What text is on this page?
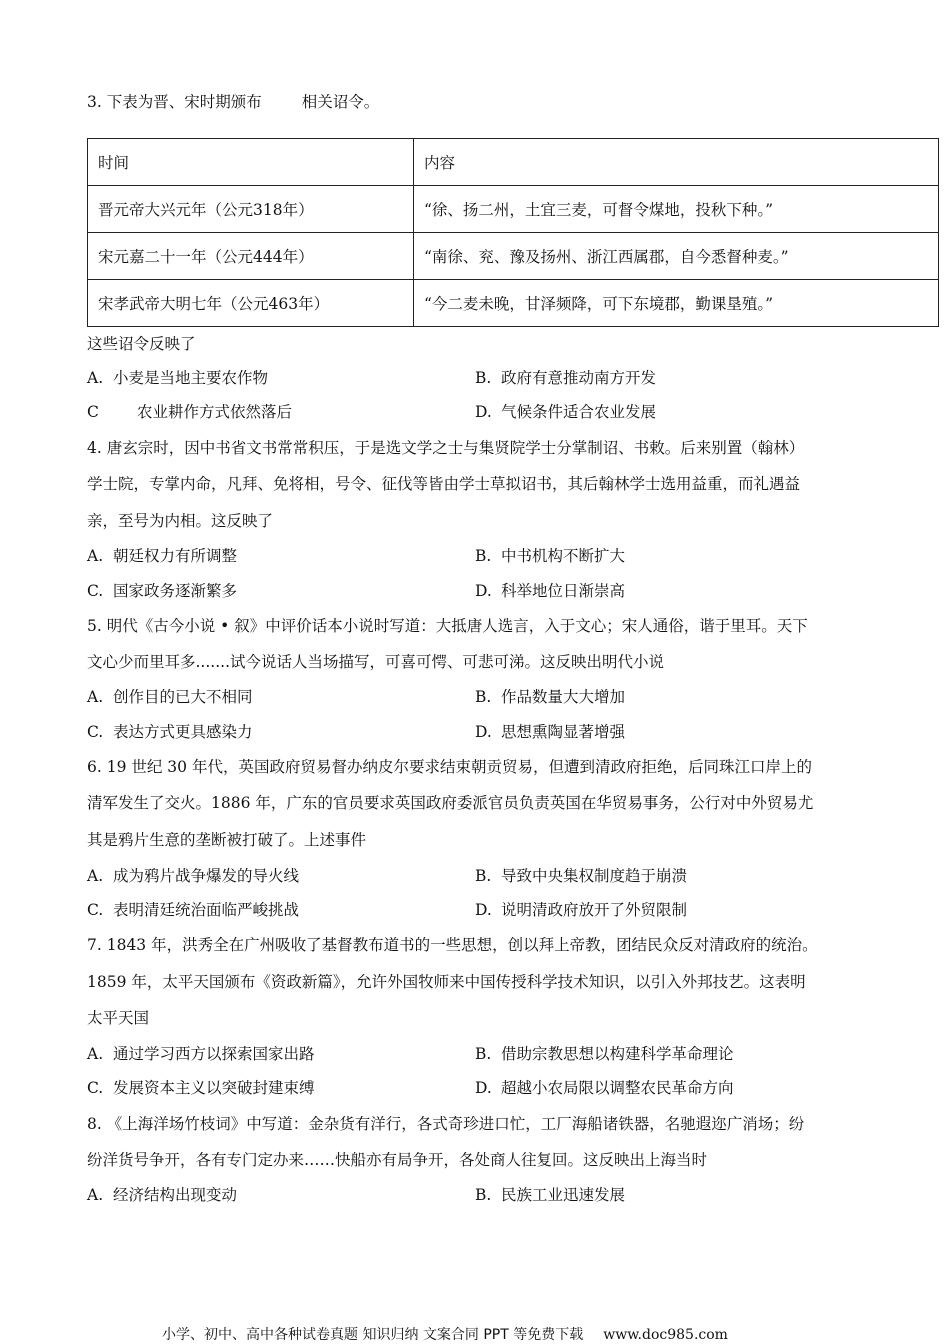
3. 下表为晋、宋时期颁布	相关诏令。
时间	内容
晋元帝大兴元年（公元318年）	“徐、扬二州，土宜三麦，可督令煤地，投秋下种。”
宋元嘉二十一年（公元444年）	“南徐、兖、豫及扬州、浙江西属郡，自今悉督种麦。”
宋孝武帝大明七年（公元463年）	“今二麦未晚，甘泽频降，可下东境郡，勤课垦殖。”
这些诏令反映了
A. 小麦是当地主要农作物	B. 政府有意推动南方开发
C 农业耕作方式依然落后	D. 气候条件适合农业发展
4. 唐玄宗时，因中书省文书常常积压，于是选文学之士与集贤院学士分掌制诏、书敕。后来别置（翰林）
学士院，专掌内命，凡拜、免将相，号令、征伐等皆由学士草拟诏书，其后翰林学士选用益重，而礼遇益
亲，至号为内相。这反映了
A. 朝廷权力有所调整	B. 中书机构不断扩大
C. 国家政务逐渐繁多	D. 科举地位日渐崇高
5. 明代《古今小说 • 叙》中评价话本小说时写道：大抵唐人选言，入于文心；宋人通俗，谐于里耳。天下
文心少而里耳多.......试今说话人当场描写，可喜可愕、可悲可涕。这反映出明代小说
A. 创作目的已大不相同	B. 作品数量大大增加
C. 表达方式更具感染力	D. 思想熏陶显著增强
6. 19 世纪 30 年代，英国政府贸易督办纳皮尔要求结束朝贡贸易，但遭到清政府拒绝，后同珠江口岸上的
清军发生了交火。1886 年，广东的官员要求英国政府委派官员负责英国在华贸易事务，公行对中外贸易尤
其是鸦片生意的垄断被打破了。上述事件
A. 成为鸦片战争爆发的导火线	B. 导致中央集权制度趋于崩溃
C. 表明清廷统治面临严峻挑战	D. 说明清政府放开了外贸限制
7. 1843 年，洪秀全在广州吸收了基督教布道书的一些思想，创以拜上帝教，团结民众反对清政府的统治。
1859 年，太平天国颁布《资政新篇》，允许外国牧师来中国传授科学技术知识，以引入外邦技艺。这表明
太平天国
A. 通过学习西方以探索国家出路	B. 借助宗教思想以构建科学革命理论
C. 发展资本主义以突破封建束缚	D. 超越小农局限以调整农民革命方向
8. 《上海洋场竹枝词》中写道：金杂货有洋行，各式奇珍进口忙，工厂海船诸铁器，名驰遐迩广消场；纷
纷洋货号争开，各有专门定办来……快船亦有局争开，各处商人往复回。这反映出上海当时
A. 经济结构出现变动	B. 民族工业迅速发展
小学、初中、高中各种试卷真题 知识归纳 文案合同 PPT 等免费下载 www.doc985.com
